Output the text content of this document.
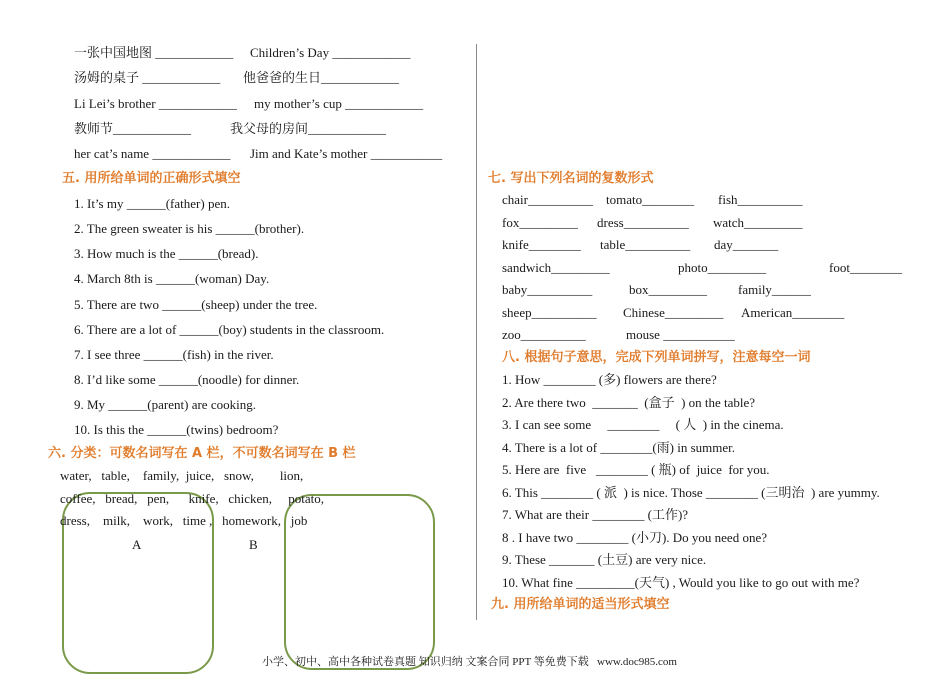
一张中国地图 ____________ Children’s Day ____________
汤姆的桌子 ____________ 他爸爸的生日____________
Li Lei’s brother ____________ my mother’s cup ____________
教师节____________	我父母的房间____________
her cat’s name ____________ Jim and Kate’s mother ___________
五. 用所给单词的正确形式填空
1. It’s my ______(father) pen.
2. The green sweater is his ______(brother).
3. How much is the ______(bread).
4. March 8th is ______(woman) Day.
5. There are two ______(sheep) under the tree.
6. There are a lot of ______(boy) students in the classroom.
7. I see three ______(fish) in the river.
8. I’d like some ______(noodle) for dinner.
9. My ______(parent) are cooking.
10. Is this the ______(twins) bedroom?
六. 分类：可数名词写在 A 栏，不可数名词写在 B 栏
water,   table,    family,  juice,   snow,        lion,
coffee,   bread,   pen,      knife,   chicken,     potato,
dress,    milk,    work,   time ,   homework,   job
A	B
七. 写出下列名词的复数形式
chair__________ tomato________ fish__________
fox_________ dress__________ watch_________
knife________ table__________ day_______
sandwich_________	photo_________	foot________
baby__________	box_________ family______
sheep__________ Chinese_________ American________
zoo__________	mouse ___________
八. 根据句子意思，完成下列单词拼写，注意每空一词
1. How ________ (多) flowers are there?
2. Are there two  _______  (盒子  ) on the table?
3. I can see some     ________     ( 人  ) in the cinema.
4. There is a lot of ________(雨) in summer.
5. Here are  five   ________ ( 瓶) of  juice  for you.
6. This ________ ( 派  ) is nice. Those ________ (三明治  ) are yummy.
7. What are their ________ (工作)?
8 . I have two ________ (小刀). Do you need one?
9. These _______ (土豆) are very nice.
10. What fine _________(天气) , Would you like to go out with me?
九. 用所给单词的适当形式填空
小学、初中、高中各种试卷真题 知识归纳 文案合同 PPT 等免费下载   www.doc985.com
